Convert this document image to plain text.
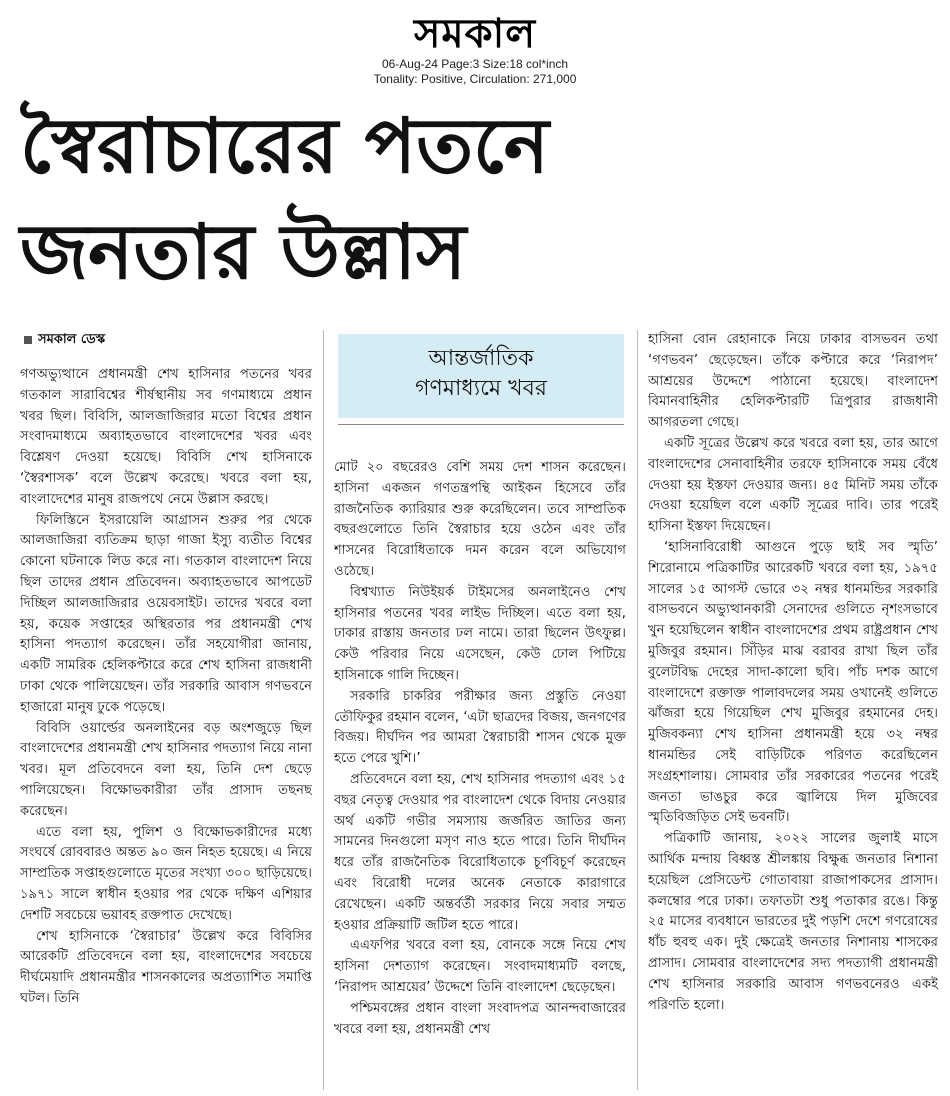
সমকাল
06-Aug-24 Page:3 Size:18 col*inch
Tonality: Positive, Circulation: 271,000
স্বৈরাচারের পতনে
জনতার উল্লাস
সমকাল ডেস্ক
আন্তর্জাতিক
গণমাধ্যমে খবর

গণঅভ্যুত্থানে প্রধানমন্ত্রী শেখ হাসিনার পতনের খবর গতকাল সারাবিশ্বের শীর্ষস্থানীয় সব গণমাধ্যমে প্রধান খবর ছিল। বিবিসি, আলজাজিরার মতো বিশ্বের প্রধান সংবাদমাধ্যমে অব্যাহতভাবে বাংলাদেশের খবর এবং বিশ্লেষণ দেওয়া হয়েছে। বিবিসি শেখ হাসিনাকে ‘স্বৈরশাসক’ বলে উল্লেখ করেছে। খবরে বলা হয়, বাংলাদেশের মানুষ রাজপথে নেমে উল্লাস করছে।

ফিলিস্তিনে ইসরায়েলি আগ্রাসন শুরুর পর থেকে আলজাজিরা ব্যতিক্রম ছাড়া গাজা ইস্যু ব্যতীত বিশ্বের কোনো ঘটনাকে লিড করে না। গতকাল বাংলাদেশ নিয়ে ছিল তাদের প্রধান প্রতিবেদন। অব্যাহতভাবে আপডেট দিচ্ছিল আলজাজিরার ওয়েবসাইট। তাদের খবরে বলা হয়, কয়েক সপ্তাহের অস্থিরতার পর প্রধানমন্ত্রী শেখ হাসিনা পদত্যাগ করেছেন। তাঁর সহযোগীরা জানায়, একটি সামরিক হেলিকপ্টারে করে শেখ হাসিনা রাজধানী ঢাকা থেকে পালিয়েছেন। তাঁর সরকারি আবাস গণভবনে হাজারো মানুষ ঢুকে পড়েছে।

বিবিসি ওয়ার্ল্ডের অনলাইনের বড় অংশজুড়ে ছিল বাংলাদেশের প্রধানমন্ত্রী শেখ হাসিনার পদত্যাগ নিয়ে নানা খবর। মূল প্রতিবেদনে বলা হয়, তিনি দেশ ছেড়ে পালিয়েছেন। বিক্ষোভকারীরা তাঁর প্রাসাদ তছনছ করেছেন।

এতে বলা হয়, পুলিশ ও বিক্ষোভকারীদের মধ্যে সংঘর্ষে রোববারও অন্তত ৯০ জন নিহত হয়েছে। এ নিয়ে সাম্প্রতিক সপ্তাহগুলোতে মৃতের সংখ্যা ৩০০ ছাড়িয়েছে। ১৯৭১ সালে স্বাধীন হওয়ার পর থেকে দক্ষিণ এশিয়ার দেশটি সবচেয়ে ভয়াবহ রক্তপাত দেখেছে।

শেখ হাসিনাকে ‘স্বৈরাচার’ উল্লেখ করে বিবিসির আরেকটি প্রতিবেদনে বলা হয়, বাংলাদেশের সবচেয়ে দীর্ঘমেয়াদি প্রধানমন্ত্রীর শাসনকালের অপ্রত্যাশিত সমাপ্তি ঘটল। তিনি

মোট ২০ বছরেরও বেশি সময় দেশ শাসন করেছেন। হাসিনা একজন গণতন্ত্রপন্থি আইকন হিসেবে তাঁর রাজনৈতিক ক্যারিয়ার শুরু করেছিলেন। তবে সাম্প্রতিক বছরগুলোতে তিনি স্বৈরাচার হয়ে ওঠেন এবং তাঁর শাসনের বিরোধিতাকে দমন করেন বলে অভিযোগ ওঠেছে।

বিশ্বখ্যাত নিউইয়র্ক টাইমসের অনলাইনেও শেখ হাসিনার পতনের খবর লাইভ দিচ্ছিল। এতে বলা হয়, ঢাকার রাস্তায় জনতার ঢল নামে। তারা ছিলেন উৎফুল্ল। কেউ পরিবার নিয়ে এসেছেন, কেউ ঢোল পিটিয়ে হাসিনাকে গালি দিচ্ছেন।

সরকারি চাকরির পরীক্ষার জন্য প্রস্তুতি নেওয়া তৌফিকুর রহমান বলেন, ‘এটা ছাত্রদের বিজয়, জনগণের বিজয়। দীর্ঘদিন পর আমরা স্বৈরাচারী শাসন থেকে মুক্ত হতে পেরে খুশি।’

প্রতিবেদনে বলা হয়, শেখ হাসিনার পদত্যাগ এবং ১৫ বছর নেতৃত্ব দেওয়ার পর বাংলাদেশ থেকে বিদায় নেওয়ার অর্থ একটি গভীর সমস্যায় জর্জরিত জাতির জন্য সামনের দিনগুলো মসৃণ নাও হতে পারে। তিনি দীর্ঘদিন ধরে তাঁর রাজনৈতিক বিরোধিতাকে চূর্ণবিচূর্ণ করেছেন এবং বিরোধী দলের অনেক নেতাকে কারাগারে রেখেছেন। একটি অন্তর্বর্তী সরকার নিয়ে সবার সম্মত হওয়ার প্রক্রিয়াটি জটিল হতে পারে।

এএফপির খবরে বলা হয়, বোনকে সঙ্গে নিয়ে শেখ হাসিনা দেশত্যাগ করেছেন। সংবাদমাধ্যমটি বলছে, ‘নিরাপদ আশ্রয়ের’ উদ্দেশে তিনি বাংলাদেশ ছেড়েছেন।

পশ্চিমবঙ্গের প্রধান বাংলা সংবাদপত্র আনন্দবাজারের খবরে বলা হয়, প্রধানমন্ত্রী শেখ

হাসিনা বোন রেহানাকে নিয়ে ঢাকার বাসভবন তথা ‘গণভবন’ ছেড়েছেন। তাঁকে কপ্টারে করে ‘নিরাপদ’ আশ্রয়ের উদ্দেশে পাঠানো হয়েছে। বাংলাদেশ বিমানবাহিনীর হেলিকপ্টারটি ত্রিপুরার রাজধানী আগরতলা গেছে।

একটি সূত্রের উল্লেখ করে খবরে বলা হয়, তার আগে বাংলাদেশের সেনাবাহিনীর তরফে হাসিনাকে সময় বেঁধে দেওয়া হয় ইস্তফা দেওয়ার জন্য। ৪৫ মিনিট সময় তাঁকে দেওয়া হয়েছিল বলে একটি সূত্রের দাবি। তার পরেই হাসিনা ইস্তফা দিয়েছেন।

‘হাসিনাবিরোধী আগুনে পুড়ে ছাই সব স্মৃতি’ শিরোনামে পত্রিকাটির আরেকটি খবরে বলা হয়, ১৯৭৫ সালের ১৫ আগস্ট ভোরে ৩২ নম্বর ধানমন্ডির সরকারি বাসভবনে অভ্যুত্থানকারী সেনাদের গুলিতে নৃশংসভাবে খুন হয়েছিলেন স্বাধীন বাংলাদেশের প্রথম রাষ্ট্রপ্রধান শেখ মুজিবুর রহমান। সিঁড়ির মাঝ বরাবর রাখা ছিল তাঁর বুলেটবিদ্ধ দেহের সাদা-কালো ছবি। পাঁচ দশক আগে বাংলাদেশে রক্তাক্ত পালাবদলের সময় ওখানেই গুলিতে ঝাঁজরা হয়ে গিয়েছিল শেখ মুজিবুর রহমানের দেহ। মুজিবকন্যা শেখ হাসিনা প্রধানমন্ত্রী হয়ে ৩২ নম্বর ধানমন্ডির সেই বাড়িটিকে পরিণত করেছিলেন সংগ্রহশালায়। সোমবার তাঁর সরকারের পতনের পরেই জনতা ভাঙচুর করে জ্বালিয়ে দিল মুজিবের স্মৃতিবিজড়িত সেই ভবনটি।

পত্রিকাটি জানায়, ২০২২ সালের জুলাই মাসে আর্থিক মন্দায় বিধ্বস্ত শ্রীলঙ্কায় বিক্ষুব্ধ জনতার নিশানা হয়েছিল প্রেসিডেন্ট গোতাবায়া রাজাপাকসের প্রাসাদ। কলম্বোর পরে ঢাকা। তফাতটা শুধু পতাকার রঙে। কিন্তু ২৫ মাসের ব্যবধানে ভারতের দুই পড়শি দেশে গণরোষের ধাঁচ হুবহু এক। দুই ক্ষেত্রেই জনতার নিশানায় শাসকের প্রাসাদ। সোমবার বাংলাদেশের সদ্য পদত্যাগী প্রধানমন্ত্রী শেখ হাসিনার সরকারি আবাস গণভবনেরও একই পরিণতি হলো।
